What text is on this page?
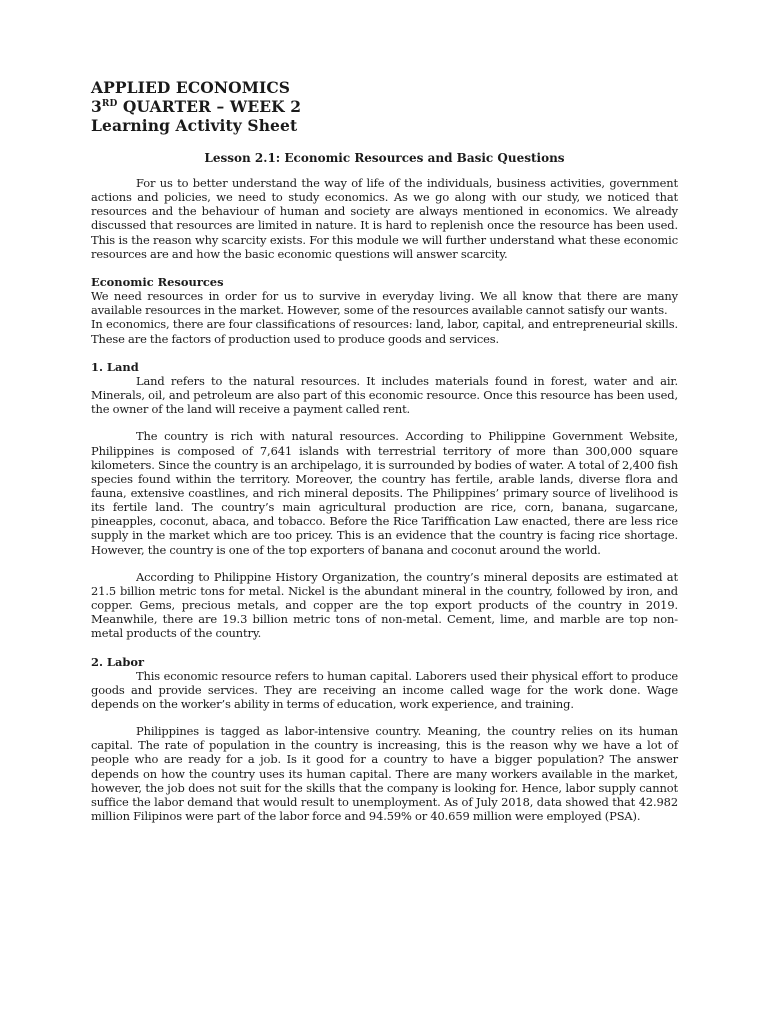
APPLIED ECONOMICS

3RD QUARTER – WEEK 2

Learning Activity Sheet

Lesson 2.1: Economic Resources and Basic Questions

For us to better understand the way of life of the individuals, business activities, government actions and policies, we need to study economics. As we go along with our study, we noticed that resources and the behaviour of human and society are always mentioned in economics. We already discussed that resources are limited in nature. It is hard to replenish once the resource has been used. This is the reason why scarcity exists. For this module we will further understand what these economic resources are and how the basic economic questions will answer scarcity.

Economic Resources

We need resources in order for us to survive in everyday living. We all know that there are many available resources in the market. However, some of the resources available cannot satisfy our wants.

In economics, there are four classifications of resources: land, labor, capital, and entrepreneurial skills. These are the factors of production used to produce goods and services.

1. Land

Land refers to the natural resources. It includes materials found in forest, water and air. Minerals, oil, and petroleum are also part of this economic resource. Once this resource has been used, the owner of the land will receive a payment called rent.

The country is rich with natural resources. According to Philippine Government Website, Philippines is composed of 7,641 islands with terrestrial territory of more than 300,000 square kilometers. Since the country is an archipelago, it is surrounded by bodies of water. A total of 2,400 fish species found within the territory. Moreover, the country has fertile, arable lands, diverse flora and fauna, extensive coastlines, and rich mineral deposits. The Philippines’ primary source of livelihood is its fertile land. The country’s main agricultural production are rice, corn, banana, sugarcane, pineapples, coconut, abaca, and tobacco. Before the Rice Tariffication Law enacted, there are less rice supply in the market which are too pricey. This is an evidence that the country is facing rice shortage. However, the country is one of the top exporters of banana and coconut around the world.

According to Philippine History Organization, the country’s mineral deposits are estimated at 21.5 billion metric tons for metal. Nickel is the abundant mineral in the country, followed by iron, and copper. Gems, precious metals, and copper are the top export products of the country in 2019. Meanwhile, there are 19.3 billion metric tons of non-metal. Cement, lime, and marble are top non-metal products of the country.

2. Labor

This economic resource refers to human capital. Laborers used their physical effort to produce goods and provide services. They are receiving an income called wage for the work done. Wage depends on the worker’s ability in terms of education, work experience, and training.

Philippines is tagged as labor-intensive country. Meaning, the country relies on its human capital. The rate of population in the country is increasing, this is the reason why we have a lot of people who are ready for a job. Is it good for a country to have a bigger population? The answer depends on how the country uses its human capital. There are many workers available in the market, however, the job does not suit for the skills that the company is looking for. Hence, labor supply cannot suffice the labor demand that would result to unemployment. As of July 2018, data showed that 42.982 million Filipinos were part of the labor force and 94.59% or 40.659 million were employed (PSA).
